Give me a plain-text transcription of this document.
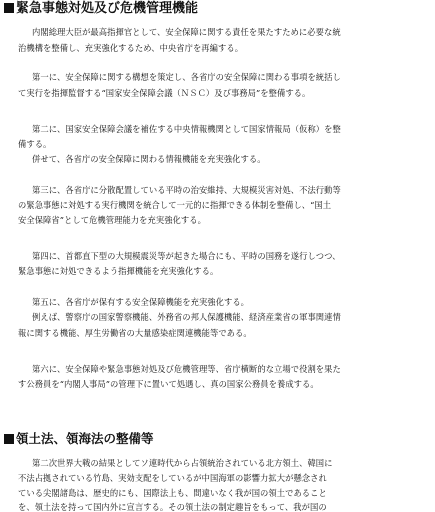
緊急事態対処及び危機管理機能
内閣総理大臣が最高指揮官として、安全保障に関する責任を果たすために必要な統
治機構を整備し、充実強化するため、中央省庁を再編する。
第一に、安全保障に関する構想を策定し、各省庁の安全保障に関わる事項を統括し
て実行を指揮監督する“国家安全保障会議（ＮＳＣ）及び事務局”を整備する。
第二に、国家安全保障会議を補佐する中央情報機関として国家情報局（仮称）を整
備する。
併せて、各省庁の安全保障に関わる情報機能を充実強化する。
第三に、各省庁に分散配置している平時の治安維持、大規模災害対処、不法行動等
の緊急事態に対処する実行機関を統合して一元的に指揮できる体制を整備し、“国土
安全保障省”として危機管理能力を充実強化する。
第四に、首都直下型の大規模震災等が起きた場合にも、平時の国務を遂行しつつ、
緊急事態に対処できるよう指揮機能を充実強化する。
第五に、各省庁が保有する安全保障機能を充実強化する。
例えば、警察庁の国家警察機能、外務省の邦人保護機能、経済産業省の軍事関連情
報に関する機能、厚生労働省の大量感染症関連機能等である。
第六に、安全保障や緊急事態対処及び危機管理等、省庁横断的な立場で役割を果た
す公務員を“内閣人事局”の管理下に置いて処遇し、真の国家公務員を養成する。
領土法、領海法の整備等
第二次世界大戦の結果としてソ連時代から占領統治されている北方領土、韓国に
不法占拠されている竹島、実効支配をしているが中国海軍の影響力拡大が懸念され
ている尖閣諸島は、歴史的にも、国際法上も、間違いなく我が国の領土であること
を、領土法を持って国内外に宣言する。その領土法の制定趣旨をもって、我が国の
